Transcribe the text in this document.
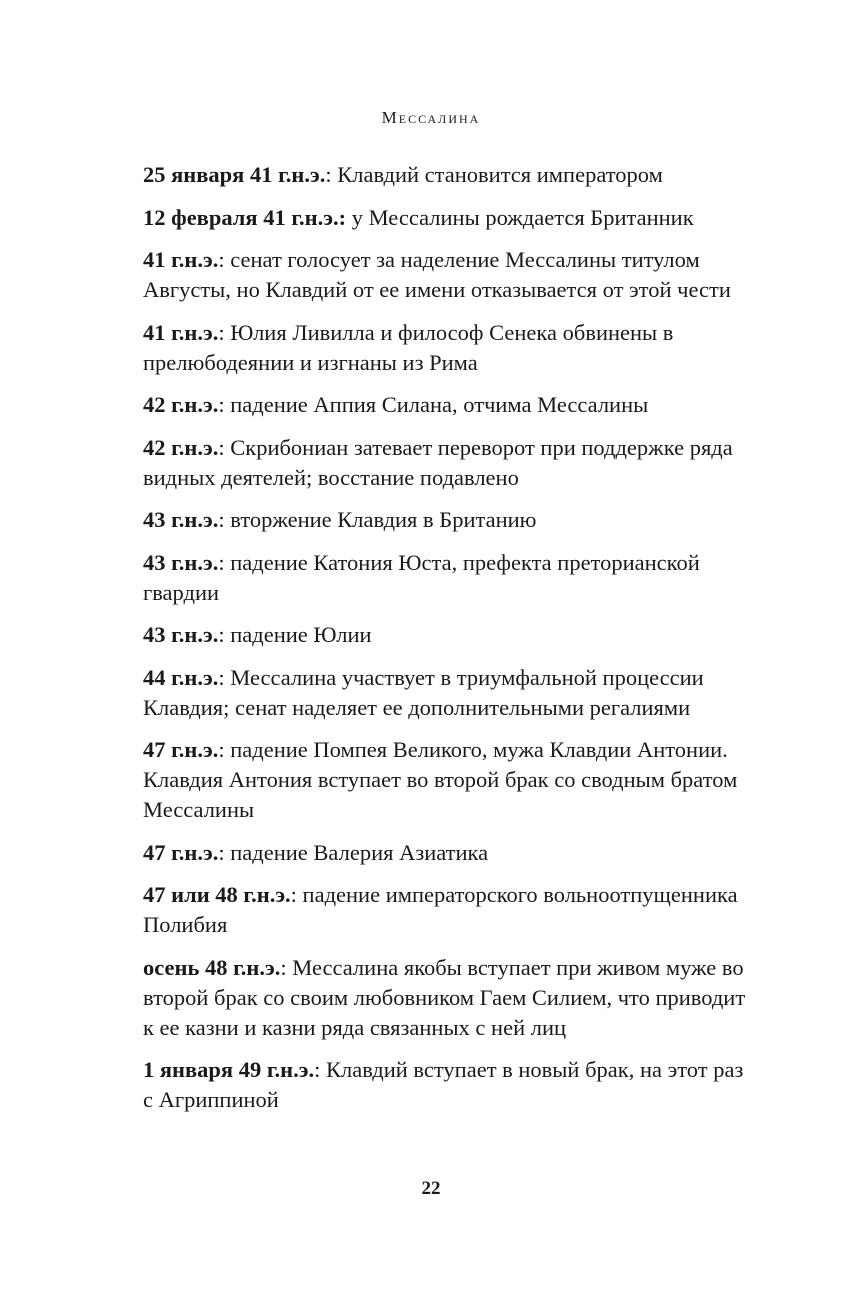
Мессалина

25 января 41 г.н.э.: Клавдий становится императором

12 февраля 41 г.н.э.: у Мессалины рождается Британник

41 г.н.э.: сенат голосует за наделение Мессалины титулом Августы, но Клавдий от ее имени отказывается от этой чести

41 г.н.э.: Юлия Ливилла и философ Сенека обвинены в прелюбодеянии и изгнаны из Рима

42 г.н.э.: падение Аппия Силана, отчима Мессалины

42 г.н.э.: Скрибониан затевает переворот при поддержке ряда видных деятелей; восстание подавлено

43 г.н.э.: вторжение Клавдия в Британию

43 г.н.э.: падение Катония Юста, префекта преторианской гвардии

43 г.н.э.: падение Юлии

44 г.н.э.: Мессалина участвует в триумфальной процессии Клавдия; сенат наделяет ее дополнительными регалиями

47 г.н.э.: падение Помпея Великого, мужа Клавдии Антонии. Клавдия Антония вступает во второй брак со сводным братом Мессалины

47 г.н.э.: падение Валерия Азиатика

47 или 48 г.н.э.: падение императорского вольноотпущенника Полибия

осень 48 г.н.э.: Мессалина якобы вступает при живом муже во второй брак со своим любовником Гаем Силием, что приводит к ее казни и казни ряда связанных с ней лиц

1 января 49 г.н.э.: Клавдий вступает в новый брак, на этот раз с Агриппиной

22
